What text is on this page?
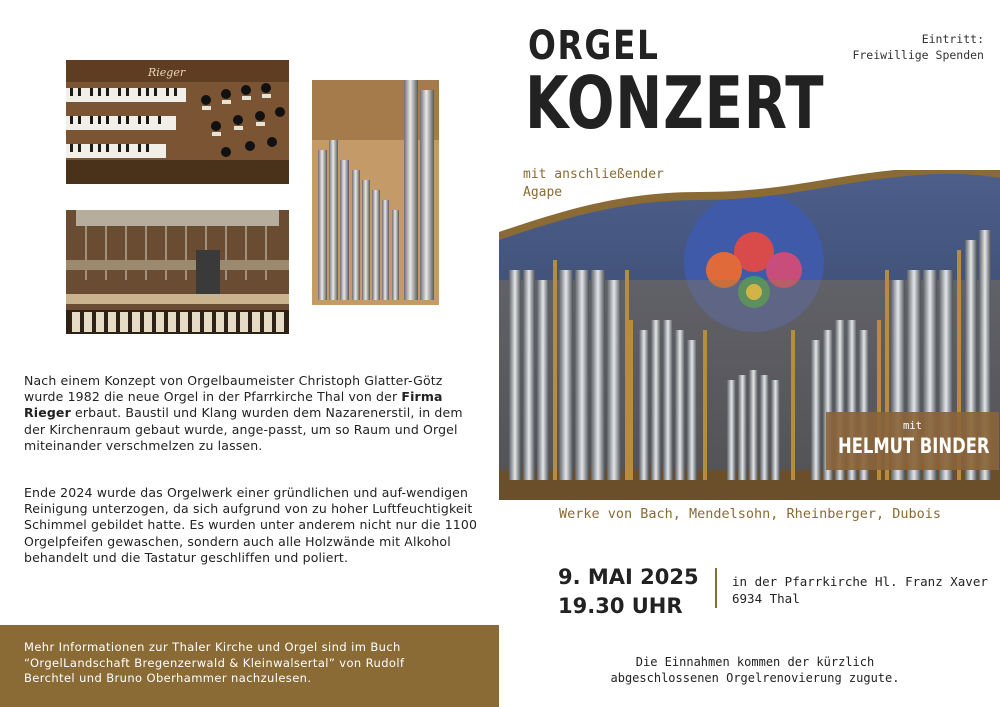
Rieger
Nach einem Konzept von Orgelbaumeister Christoph Glatter-Götz wurde 1982 die neue Orgel in der Pfarrkirche Thal von der Firma Rieger erbaut. Baustil und Klang wurden dem Nazarenerstil, in dem der Kirchenraum gebaut wurde, ange-passt, um so Raum und Orgel miteinander verschmelzen zu lassen.
Ende 2024 wurde das Orgelwerk einer gründlichen und auf-wendigen Reinigung unterzogen, da sich aufgrund von zu hoher Luftfeuchtigkeit Schimmel gebildet hatte. Es wurden unter anderem nicht nur die 1100 Orgelpfeifen gewaschen, sondern auch alle Holzwände mit Alkohol behandelt und die Tastatur geschliffen und poliert.
Mehr Informationen zur Thaler Kirche und Orgel sind im Buch “OrgelLandschaft Bregenzerwald & Kleinwalsertal” von Rudolf Berchtel und Bruno Oberhammer nachzulesen.
ORGEL
KONZERT
Eintritt:
Freiwillige Spenden
mit anschließender
Agape
mit
HELMUT BINDER
Werke von Bach, Mendelsohn, Rheinberger, Dubois
9. MAI 2025
19.30 UHR
in der Pfarrkirche Hl. Franz Xaver
6934 Thal
Die Einnahmen kommen der kürzlich
abgeschlossenen Orgelrenovierung zugute.
